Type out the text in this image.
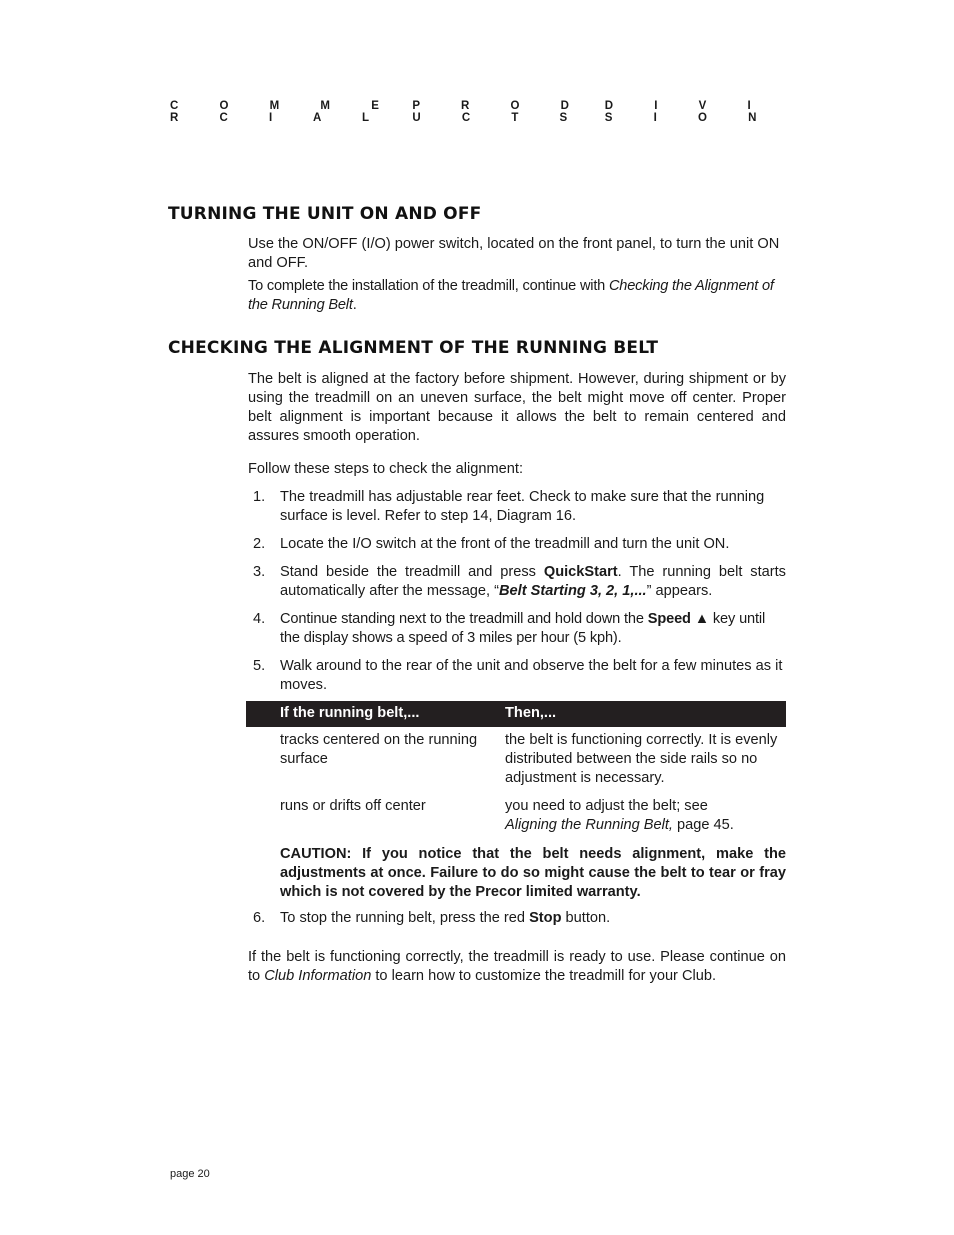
C O M M E R C I A L
P R O D U C T S
D I V I S I O N
TURNING THE UNIT ON AND OFF
Use the ON/OFF (I/O) power switch, located on the front panel, to turn the unit ON and OFF.
To complete the installation of the treadmill, continue with Checking the Alignment of the Running Belt.
CHECKING THE ALIGNMENT OF THE RUNNING BELT
The belt is aligned at the factory before shipment. However, during shipment or by using the treadmill on an uneven surface, the belt might move off center. Proper belt alignment is important because it allows the belt to remain centered and assures smooth operation.
Follow these steps to check the alignment:
1. The treadmill has adjustable rear feet. Check to make sure that the running surface is level. Refer to step 14, Diagram 16.
2. Locate the I/O switch at the front of the treadmill and turn the unit ON.
3. Stand beside the treadmill and press QuickStart. The running belt starts automatically after the message, “Belt Starting 3, 2, 1,...” appears.
4. Continue standing next to the treadmill and hold down the Speed ▲ key until the display shows a speed of 3 miles per hour (5 kph).
5. Walk around to the rear of the unit and observe the belt for a few minutes as it moves.
If the running belt,...	Then,...
tracks centered on the running surface
the belt is functioning correctly. It is evenly distributed between the side rails so no adjustment is necessary.
runs or drifts off center	you need to adjust the belt; see
Aligning the Running Belt, page 45.
CAUTION: If you notice that the belt needs alignment, make the adjustments at once. Failure to do so might cause the belt to tear or fray which is not covered by the Precor limited warranty.
6. To stop the running belt, press the red Stop button.
If the belt is functioning correctly, the treadmill is ready to use. Please continue on to Club Information to learn how to customize the treadmill for your Club.
page 20
